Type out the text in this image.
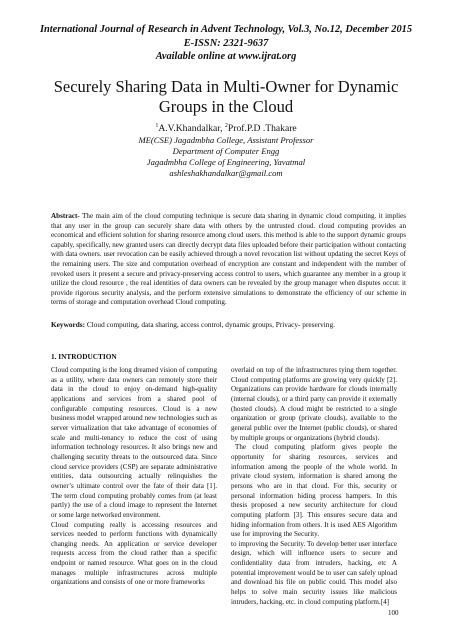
International Journal of Research in Advent Technology, Vol.3, No.12, December 2015
E-ISSN: 2321-9637
Available online at www.ijrat.org
Securely Sharing Data in Multi-Owner for Dynamic Groups in the Cloud
$^1$A.V.Khandalkar, $^2$Prof.P.D .Thakare
ME(CSE) Jagadmbha College, Assistant Professor
Department of Computer Engg
Jagadmbha College of Engineering, Yavatmal
ashleshakhandalkar@gmail.com
Abstract- The main aim of the cloud computing technique is secure data sharing in dynamic cloud computing. it implies that any user in the group can securely share data with others by the untrusted cloud. cloud computing provides an economical and efficient solution for sharing resource among cloud users. this method is able to the support dynamic groups capably, specifically, new granted users can directly decrypt data files uploaded before their participation without contacting with data owners. user revocation can be easily achieved through a novel revocation list without updating the secret Keys of the remaining users. The size and computation overhead of encryption are constant and independent with the number of revoked users it present a secure and privacy-preserving access control to users, which guarantee any member in a group it utilize the cloud resource , the real identities of data owners can be revealed by the group manager when disputes occur. it provide rigorous security analysis, and the perform extensive simulations to demonstrate the efficiency of our scheme in terms of storage and computation overhead Cloud computing.
Keywords: Cloud computing, data sharing, access control, dynamic groups, Privacy- preserving.
1. INTRODUCTION

Cloud computing is the long dreamed vision of computing as a utility, where data owners can remotely store their data in the cloud to enjoy on-demand high-quality applications and services from a shared pool of configurable computing resources. Cloud is a new business model wrapped around new technologies such as server virtualization that take advantage of economies of scale and multi-tenancy to reduce the cost of using information technology resources. It also brings new and challenging security threats to the outsourced data. Since cloud service providers (CSP) are separate administrative entities, data outsourcing actually relinquishes the owner’s ultimate control over the fate of their data [1]. The term cloud computing probably comes from (at least partly) the use of a cloud image to represent the Internet or some large networked environment.

Cloud computing really is accessing resources and services needed to perform functions with dynamically changing needs. An application or service developer requests access from the cloud rather than a specific endpoint or named resource. What goes on in the cloud manages multiple infrastructures across multiple organizations and consists of one or more frameworks

overlaid on top of the infrastructures tying them together. Cloud computing platforms are growing very quickly [2]. Organizations can provide hardware for clouds internally (internal clouds), or a third party can provide it externally (hosted clouds). A cloud might be restricted to a single organization or group (private clouds), available to the general public over the Internet (public clouds), or shared by multiple groups or organizations (hybrid clouds).

The cloud computing platform gives people the opportunity for sharing resources, services and information among the people of the whole world. In private cloud system, information is shared among the persons who are in that cloud. For this, security or personal information hiding process hampers. In this thesis proposed a new security architecture for cloud computing platform [3]. This ensures secure data and hiding information from others. It is used AES Algorithm use for improving the Security.

to improving the Security. To develop better user interface design, which will influence users to secure and confidentiality data from intruders, hacking, etc A potential improvement would be to user can safely upload and download his file on public could. This model also helps to solve main security issues like malicious intruders, hacking, etc. in cloud computing platform.[4]

100
